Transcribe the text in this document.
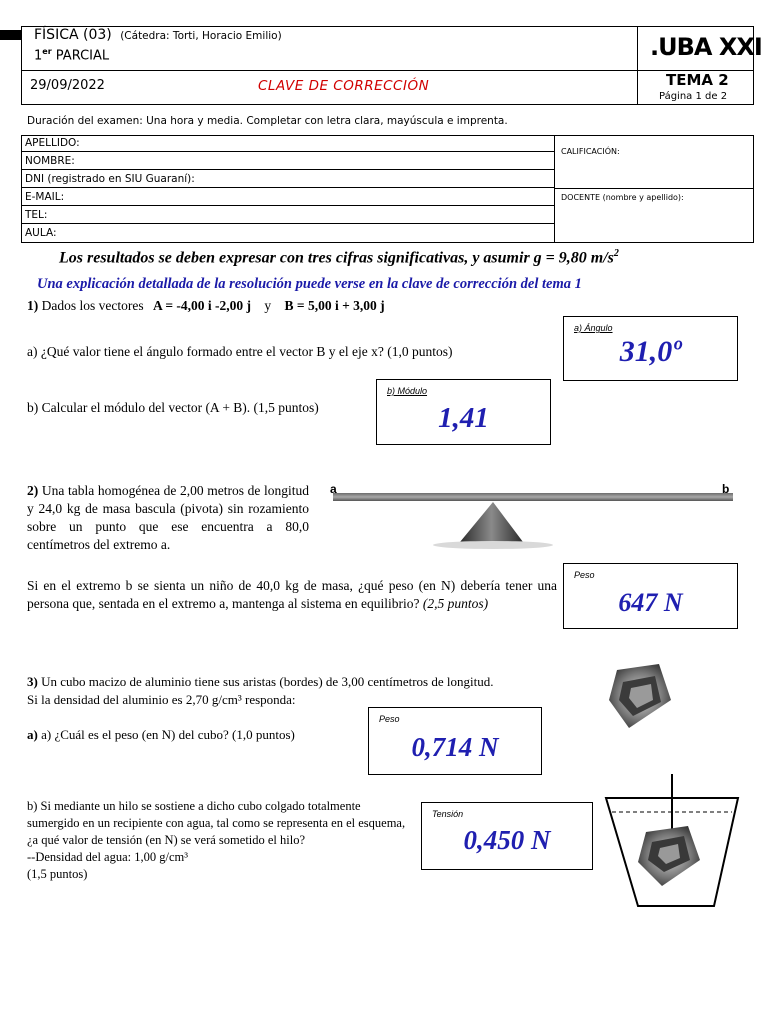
FÍSICA (03) (Cátedra: Torti, Horacio Emilio)
1er PARCIAL	.UBA XXI
29/09/2022	CLAVE DE CORRECCIÓN	TEMA 2
Página 1 de 2
Duración del examen: Una hora y media. Completar con letra clara, mayúscula e imprenta.
APELLIDO:
NOMBRE:
DNI (registrado en SIU Guaraní):
E-MAIL:
TEL:
AULA:
CALIFICACIÓN:
DOCENTE (nombre y apellido):
Los resultados se deben expresar con tres cifras significativas, y asumir g = 9,80 $m/s^2$
Una explicación detallada de la resolución puede verse en la clave de corrección del tema 1
1) Dados los vectores A = -4,00 i -2,00 j y B = 5,00 i + 3,00 j
a) ¿Qué valor tiene el ángulo formado entre el vector B y el eje x? (1,0 puntos)
b) Calcular el módulo del vector (A + B). (1,5 puntos)
a) Ángulo
31,0º
b) Módulo
1,41
2) Una tabla homogénea de 2,00 metros de longitud y 24,0 kg de masa bascula (pivota) sin rozamiento sobre un punto que ese encuentra a 80,0 centímetros del extremo a.
a	b
Si en el extremo b se sienta un niño de 40,0 kg de masa, ¿qué peso (en N) debería tener una persona que, sentada en el extremo a, mantenga al sistema en equilibrio? (2,5 puntos)
Peso
647 N
3) Un cubo macizo de aluminio tiene sus aristas (bordes) de 3,00 centímetros de longitud.
Si la densidad del aluminio es 2,70 g/cm³ responda:
a) a) ¿Cuál es el peso (en N) del cubo? (1,0 puntos)
Peso
0,714 N
b) Si mediante un hilo se sostiene a dicho cubo colgado totalmente sumergido en un recipiente con agua, tal como se representa en el esquema, ¿a qué valor de tensión (en N) se verá sometido el hilo?
--Densidad del agua: 1,00 g/cm³
(1,5 puntos)
Tensión
0,450 N
